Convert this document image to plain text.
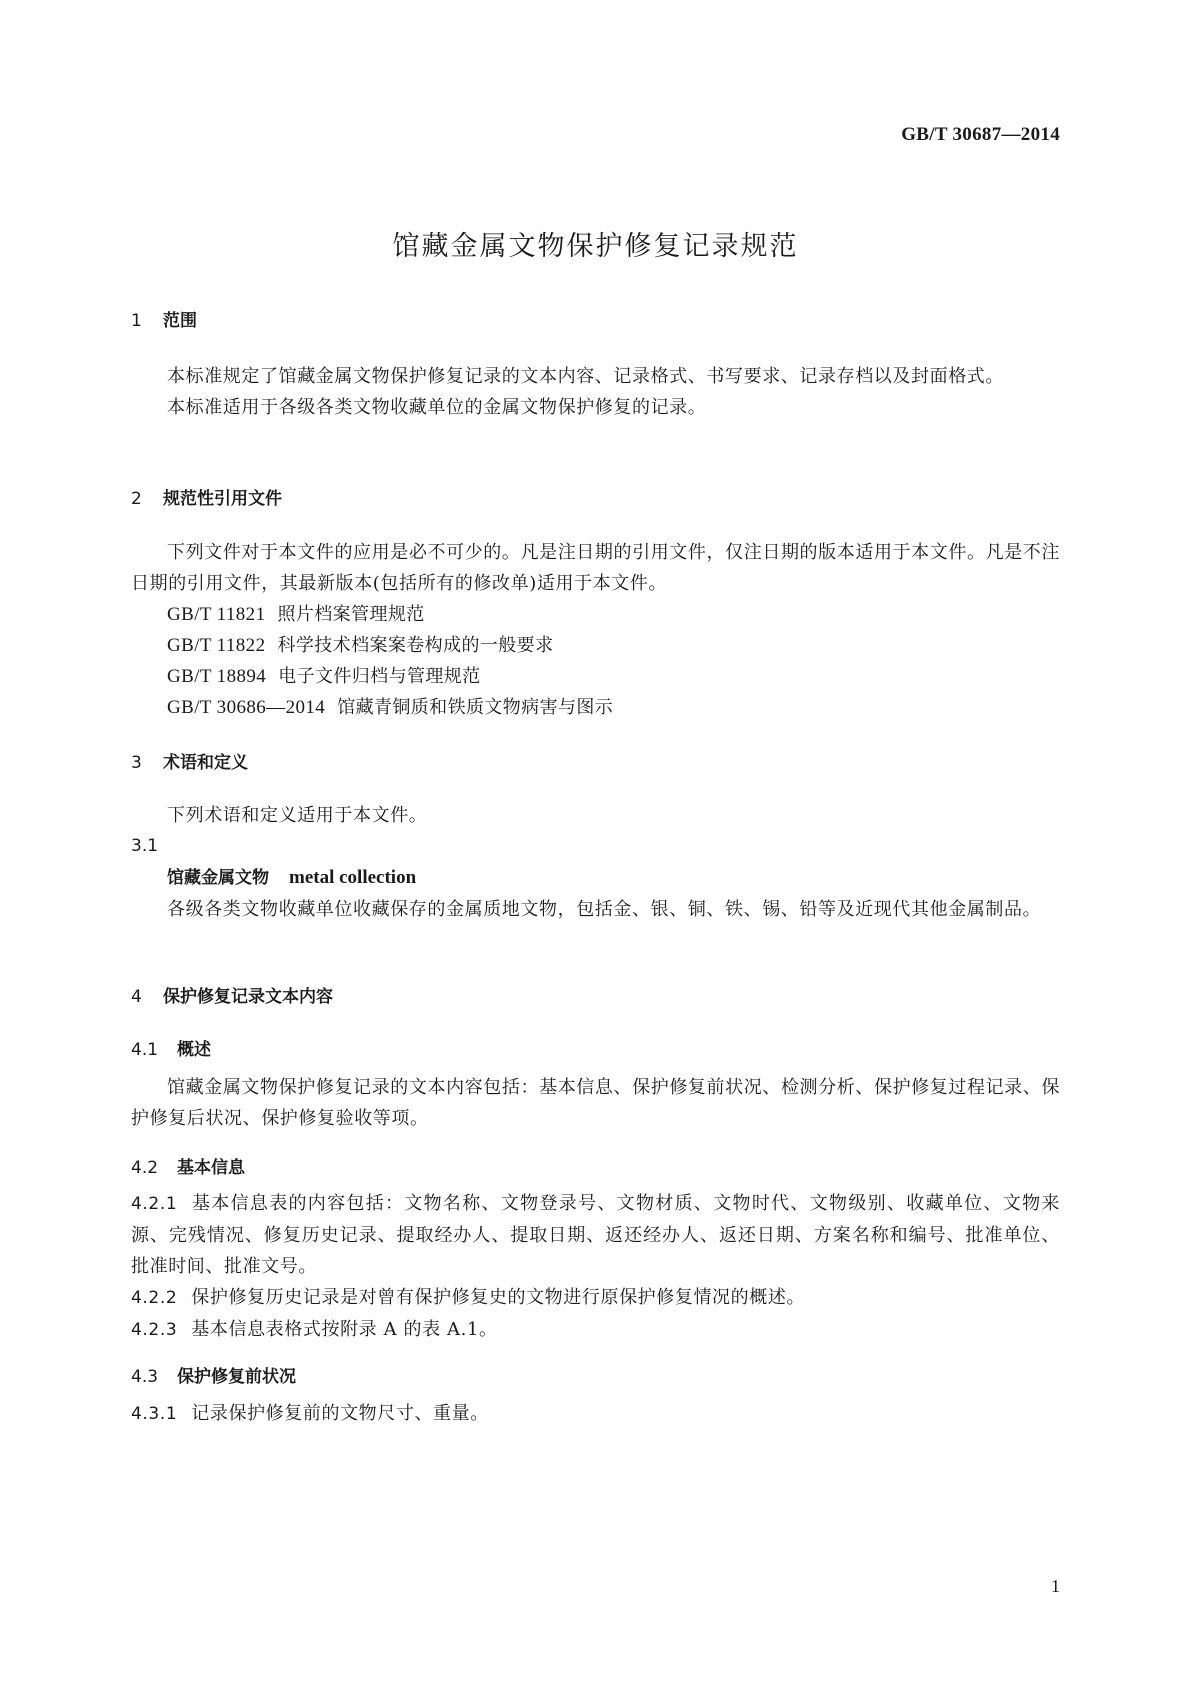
GB/T 30687—2014
馆藏金属文物保护修复记录规范
1 范围
本标准规定了馆藏金属文物保护修复记录的文本内容、记录格式、书写要求、记录存档以及封面格式。
本标准适用于各级各类文物收藏单位的金属文物保护修复的记录。
2 规范性引用文件
下列文件对于本文件的应用是必不可少的。凡是注日期的引用文件，仅注日期的版本适用于本文件。凡是不注日期的引用文件，其最新版本(包括所有的修改单)适用于本文件。
GB/T 11821 照片档案管理规范
GB/T 11822 科学技术档案案卷构成的一般要求
GB/T 18894 电子文件归档与管理规范
GB/T 30686—2014 馆藏青铜质和铁质文物病害与图示
3 术语和定义
下列术语和定义适用于本文件。
3.1
馆藏金属文物 metal collection
各级各类文物收藏单位收藏保存的金属质地文物，包括金、银、铜、铁、锡、铅等及近现代其他金属制品。
4 保护修复记录文本内容
4.1 概述
馆藏金属文物保护修复记录的文本内容包括：基本信息、保护修复前状况、检测分析、保护修复过程记录、保护修复后状况、保护修复验收等项。
4.2 基本信息
4.2.1 基本信息表的内容包括：文物名称、文物登录号、文物材质、文物时代、文物级别、收藏单位、文物来源、完残情况、修复历史记录、提取经办人、提取日期、返还经办人、返还日期、方案名称和编号、批准单位、批准时间、批准文号。
4.2.2 保护修复历史记录是对曾有保护修复史的文物进行原保护修复情况的概述。
4.2.3 基本信息表格式按附录 A 的表 A.1。
4.3 保护修复前状况
4.3.1 记录保护修复前的文物尺寸、重量。
1
